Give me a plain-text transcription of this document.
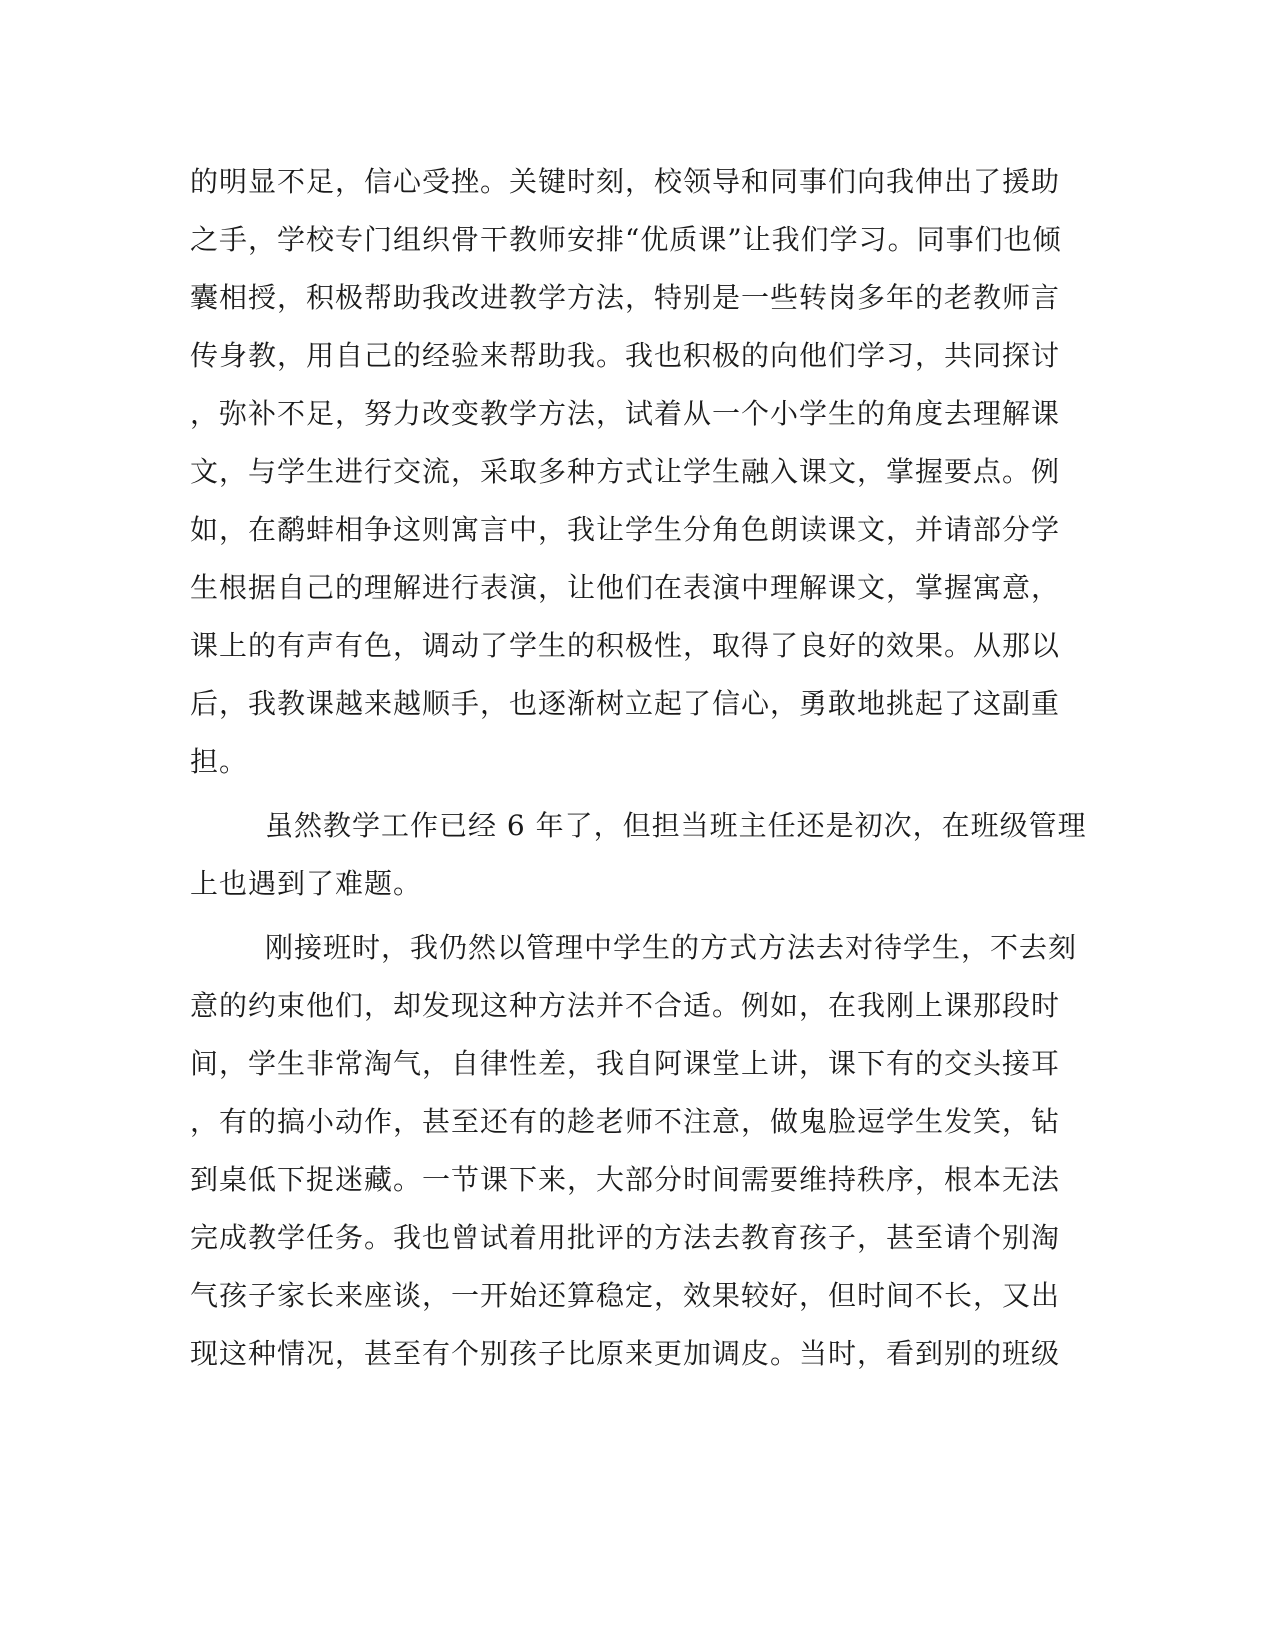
的明显不足，信心受挫。关键时刻，校领导和同事们向我伸出了援助
之手，学校专门组织骨干教师安排“优质课”让我们学习。同事们也倾
囊相授，积极帮助我改进教学方法，特别是一些转岗多年的老教师言
传身教，用自己的经验来帮助我。我也积极的向他们学习，共同探讨
，弥补不足，努力改变教学方法，试着从一个小学生的角度去理解课
文，与学生进行交流，采取多种方式让学生融入课文，掌握要点。例
如，在鹬蚌相争这则寓言中，我让学生分角色朗读课文，并请部分学
生根据自己的理解进行表演，让他们在表演中理解课文，掌握寓意，
课上的有声有色，调动了学生的积极性，取得了良好的效果。从那以
后，我教课越来越顺手，也逐渐树立起了信心，勇敢地挑起了这副重
担。
虽然教学工作已经 6 年了，但担当班主任还是初次，在班级管理
上也遇到了难题。
刚接班时，我仍然以管理中学生的方式方法去对待学生，不去刻
意的约束他们，却发现这种方法并不合适。例如，在我刚上课那段时
间，学生非常淘气，自律性差，我自阿课堂上讲，课下有的交头接耳
，有的搞小动作，甚至还有的趁老师不注意，做鬼脸逗学生发笑，钻
到桌低下捉迷藏。一节课下来，大部分时间需要维持秩序，根本无法
完成教学任务。我也曾试着用批评的方法去教育孩子，甚至请个别淘
气孩子家长来座谈，一开始还算稳定，效果较好，但时间不长，又出
现这种情况，甚至有个别孩子比原来更加调皮。当时，看到别的班级
